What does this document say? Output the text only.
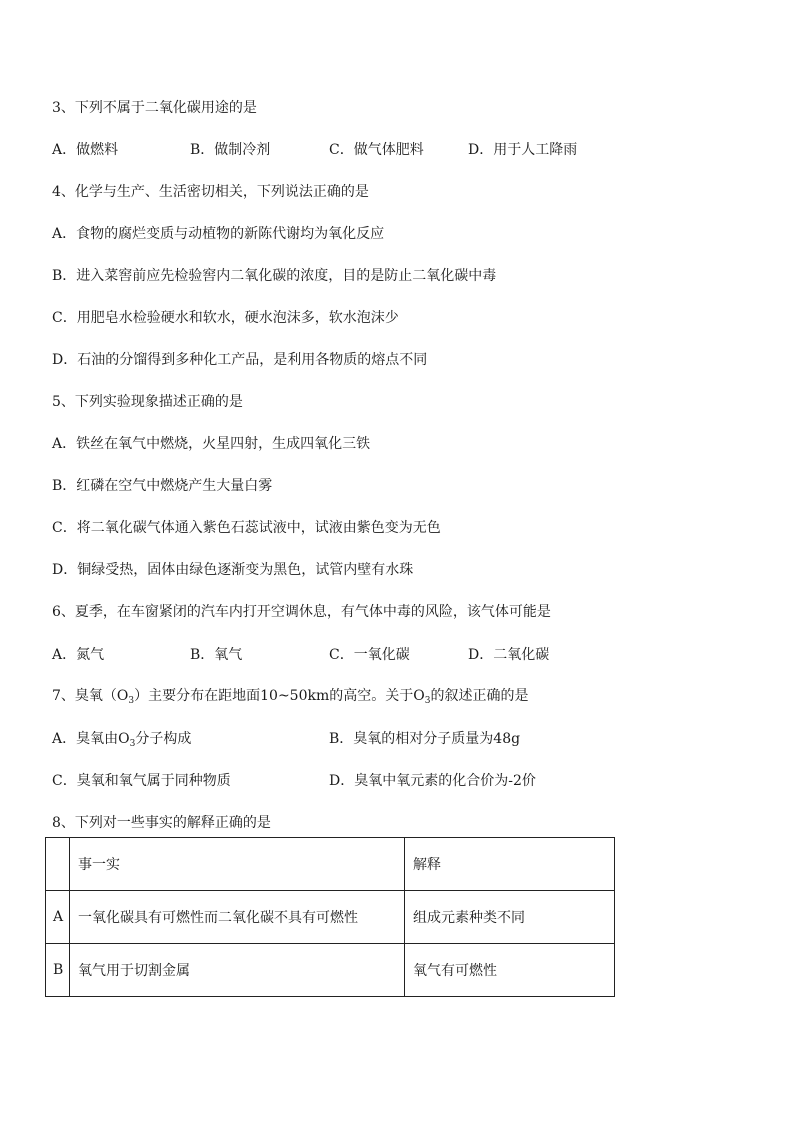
3、下列不属于二氧化碳用途的是
A．做燃料	B．做制冷剂	C．做气体肥料	D．用于人工降雨
4、化学与生产、生活密切相关，下列说法正确的是
A．食物的腐烂变质与动植物的新陈代谢均为氧化反应
B．进入菜窖前应先检验窖内二氧化碳的浓度，目的是防止二氧化碳中毒
C．用肥皂水检验硬水和软水，硬水泡沫多，软水泡沫少
D．石油的分馏得到多种化工产品，是利用各物质的熔点不同
5、下列实验现象描述正确的是
A．铁丝在氧气中燃烧，火星四射，生成四氧化三铁
B．红磷在空气中燃烧产生大量白雾
C．将二氧化碳气体通入紫色石蕊试液中，试液由紫色变为无色
D．铜绿受热，固体由绿色逐渐变为黑色，试管内壁有水珠
6、夏季，在车窗紧闭的汽车内打开空调休息，有气体中毒的风险，该气体可能是
A．氮气	B．氧气	C．一氧化碳	D．二氧化碳
7、臭氧$(O_3)$主要分布在距地面10~50km的高空。关于$O_3$的叙述正确的是
A．臭氧由$O_3$分子构成	B．臭氧的相对分子质量为48g
C．臭氧和氧气属于同种物质	D．臭氧中氧元素的化合价为-2价
8、下列对一些事实的解释正确的是
	事一实	解释
A	一氧化碳具有可燃性而二氧化碳不具有可燃性	组成元素种类不同
B	氧气用于切割金属	氧气有可燃性
